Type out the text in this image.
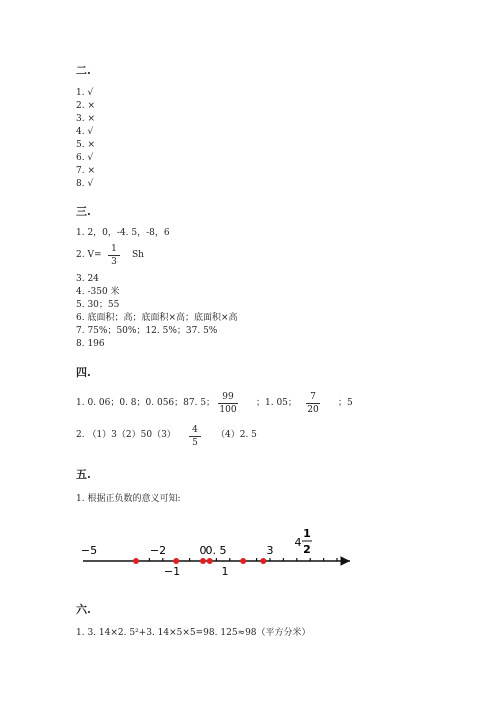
二.
1. √
2. ×
3. ×
4. √
5. ×
6. √
7. ×
8. √
三.
1. 2，0，-4. 5，-8，6
2. $V= \frac{1}{3}$ Sh
3. 24
4. -350 米
5. 30；55
6. 底面积；高；底面积×高；底面积×高
7. 75%；50%；12. 5%；37. 5%
8. 196
四.
1. 0. 06；0. 8；0. 056；87. 5； $\frac{99}{100}$ ；1. 05； $\frac{7}{20}$ ；5
2. $(1)3(2)50(3) \frac{4}{5} (4)2$. 5
五.
1. 根据正负数的意义可知:
−5	−2	0 0. 5	3
4
1
2
−1	1
六.
1. 3. 14×2. 5²+3. 14×5×5=98. 125≈98（平方分米）
